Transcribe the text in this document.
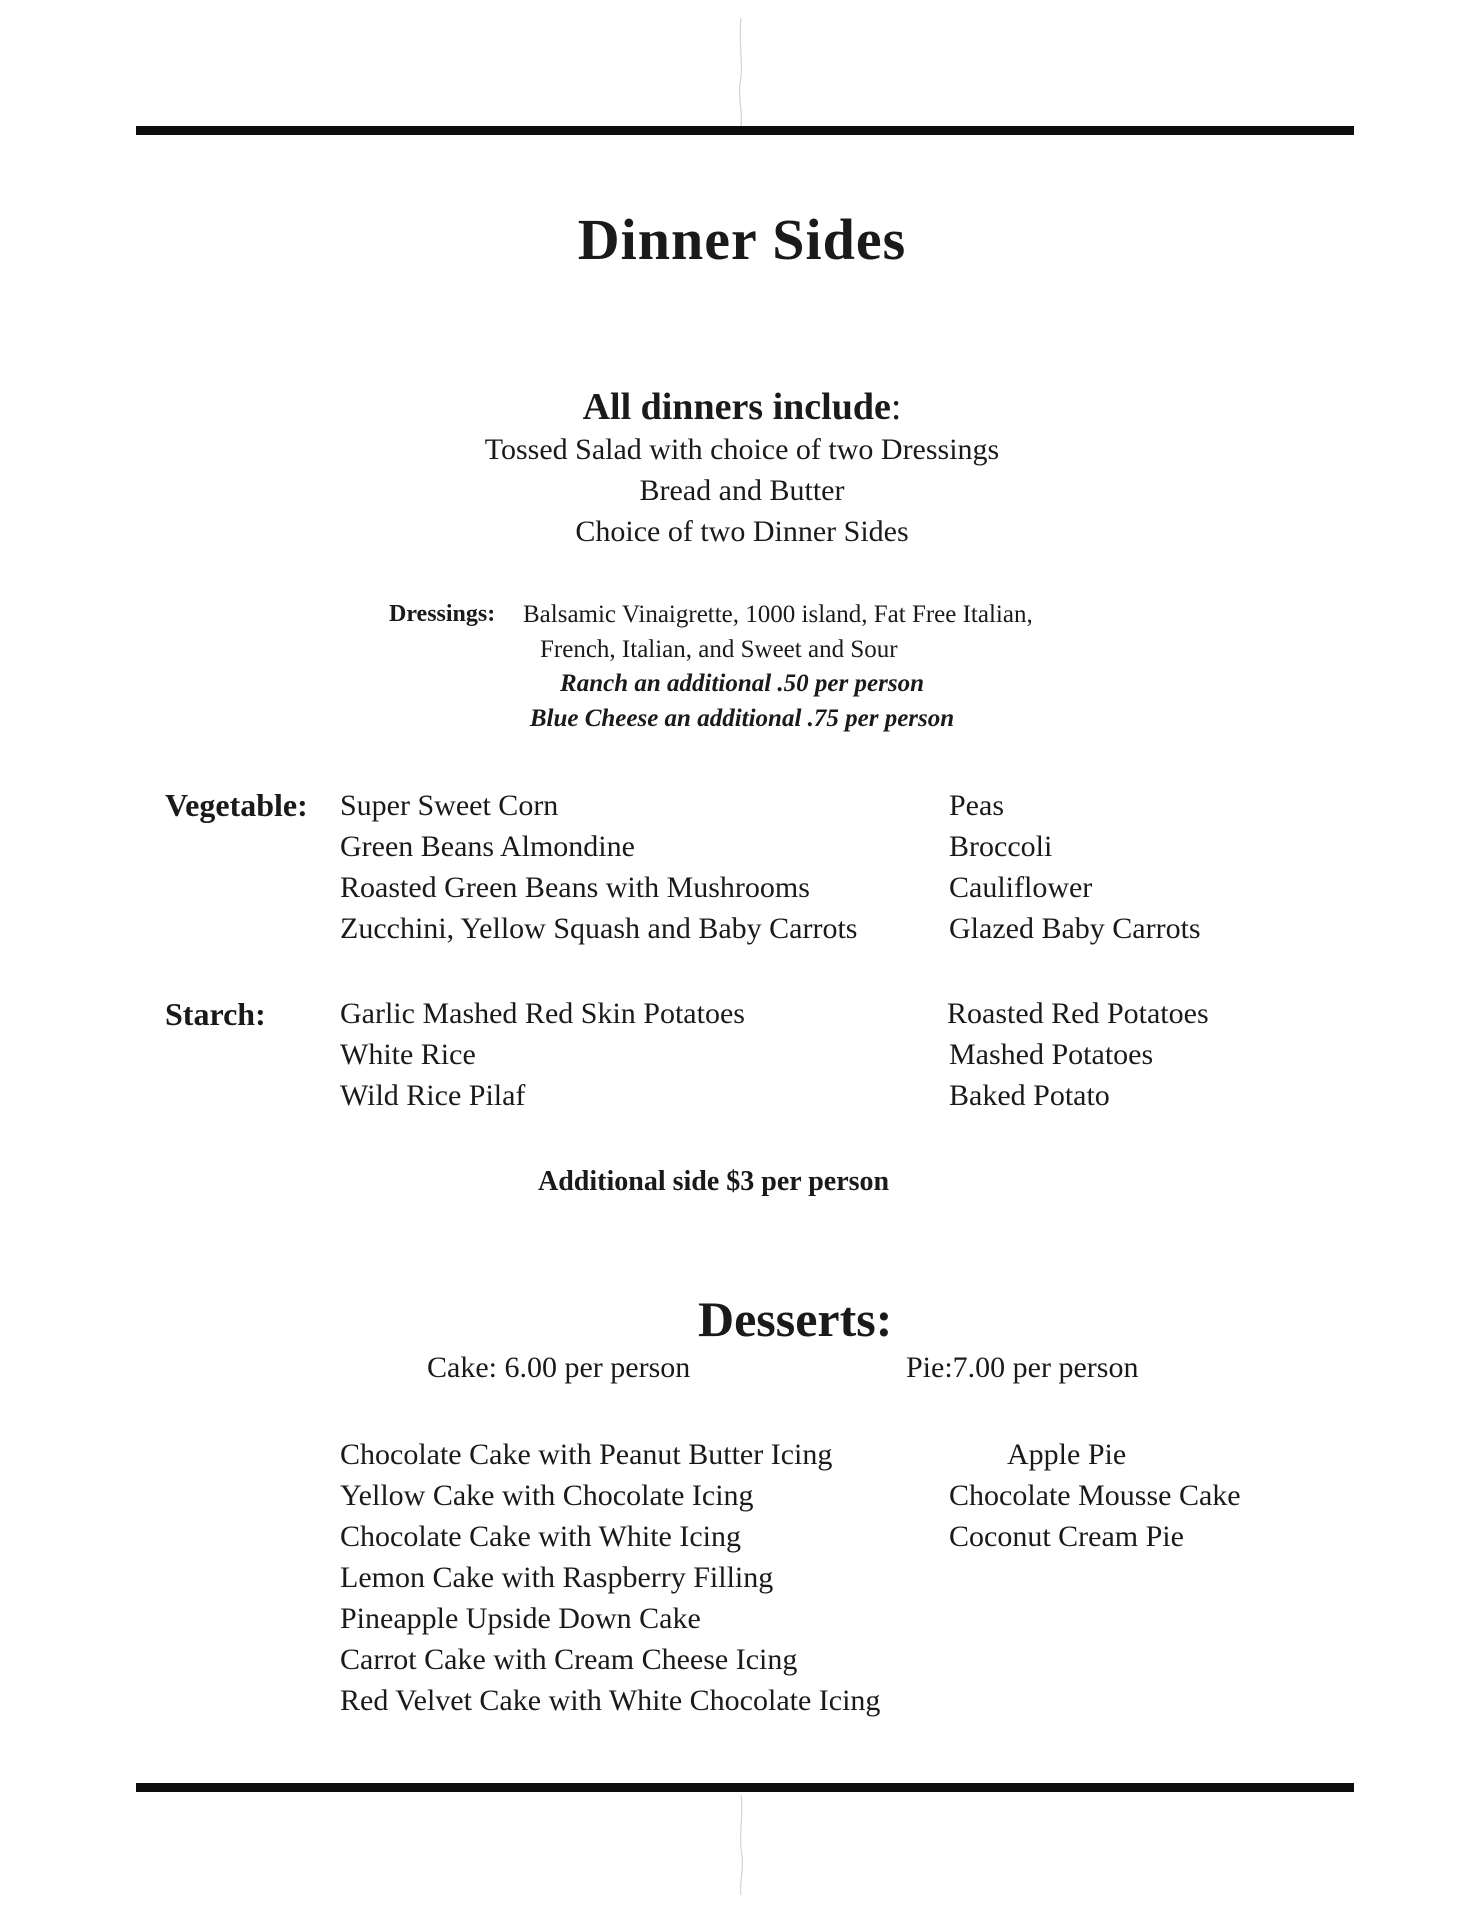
Dinner Sides
All dinners include:
Tossed Salad with choice of two Dressings
Bread and Butter
Choice of two Dinner Sides
Dressings: Balsamic Vinaigrette, 1000 island, Fat Free Italian,
French, Italian, and Sweet and Sour
Ranch an additional .50 per person
Blue Cheese an additional .75 per person
Vegetable: Super Sweet Corn
Green Beans Almondine
Roasted Green Beans with Mushrooms
Zucchini, Yellow Squash and Baby Carrots
Peas
Broccoli
Cauliflower
Glazed Baby Carrots
Starch: Garlic Mashed Red Skin Potatoes
White Rice
Wild Rice Pilaf
Roasted Red Potatoes
Mashed Potatoes
Baked Potato
Additional side $3 per person
Desserts:
Cake: 6.00 per person	Pie:7.00 per person
Chocolate Cake with Peanut Butter Icing
Yellow Cake with Chocolate Icing
Chocolate Cake with White Icing
Lemon Cake with Raspberry Filling
Pineapple Upside Down Cake
Carrot Cake with Cream Cheese Icing
Red Velvet Cake with White Chocolate Icing
Apple Pie
Chocolate Mousse Cake
Coconut Cream Pie
